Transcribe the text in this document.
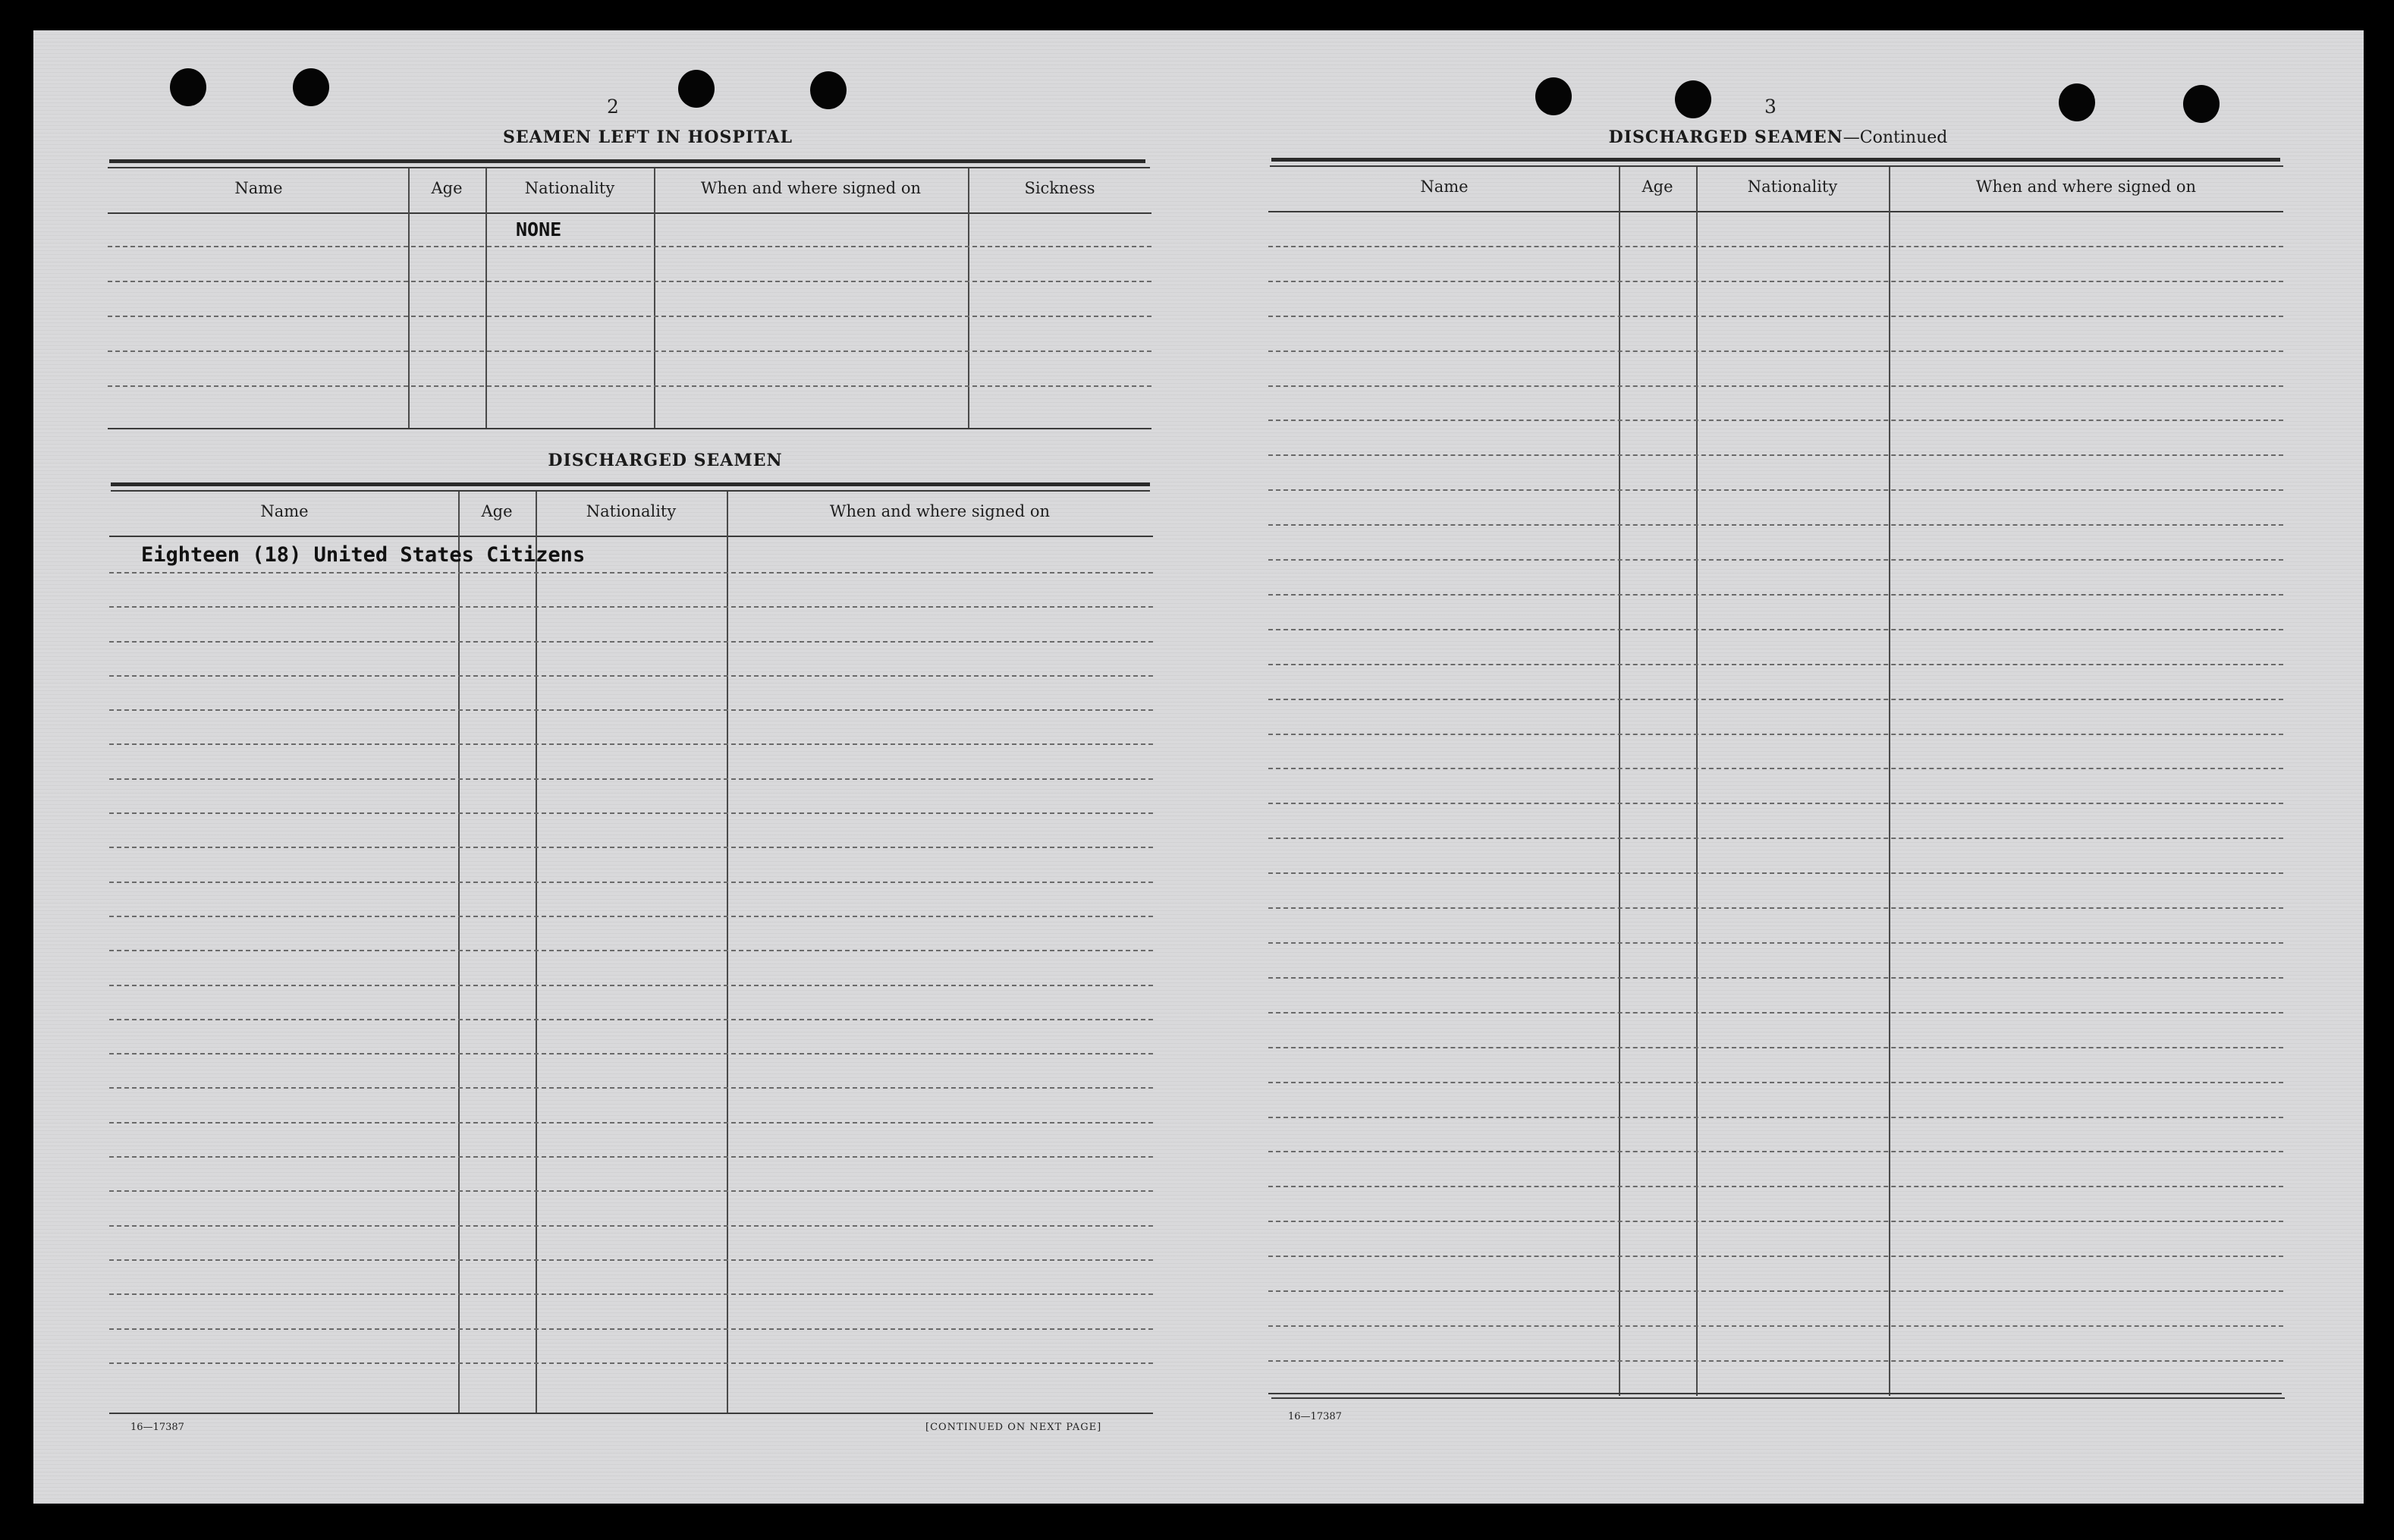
2
SEAMEN LEFT IN HOSPITAL
Name	Age	Nationality	When and where signed on	Sickness
NONE
DISCHARGED SEAMEN
Name	Age	Nationality	When and where signed on
Eighteen (18) United States Citizens
16—17387	[CONTINUED ON NEXT PAGE]
3
DISCHARGED SEAMEN—Continued
Name	Age	Nationality	When and where signed on
16—17387
